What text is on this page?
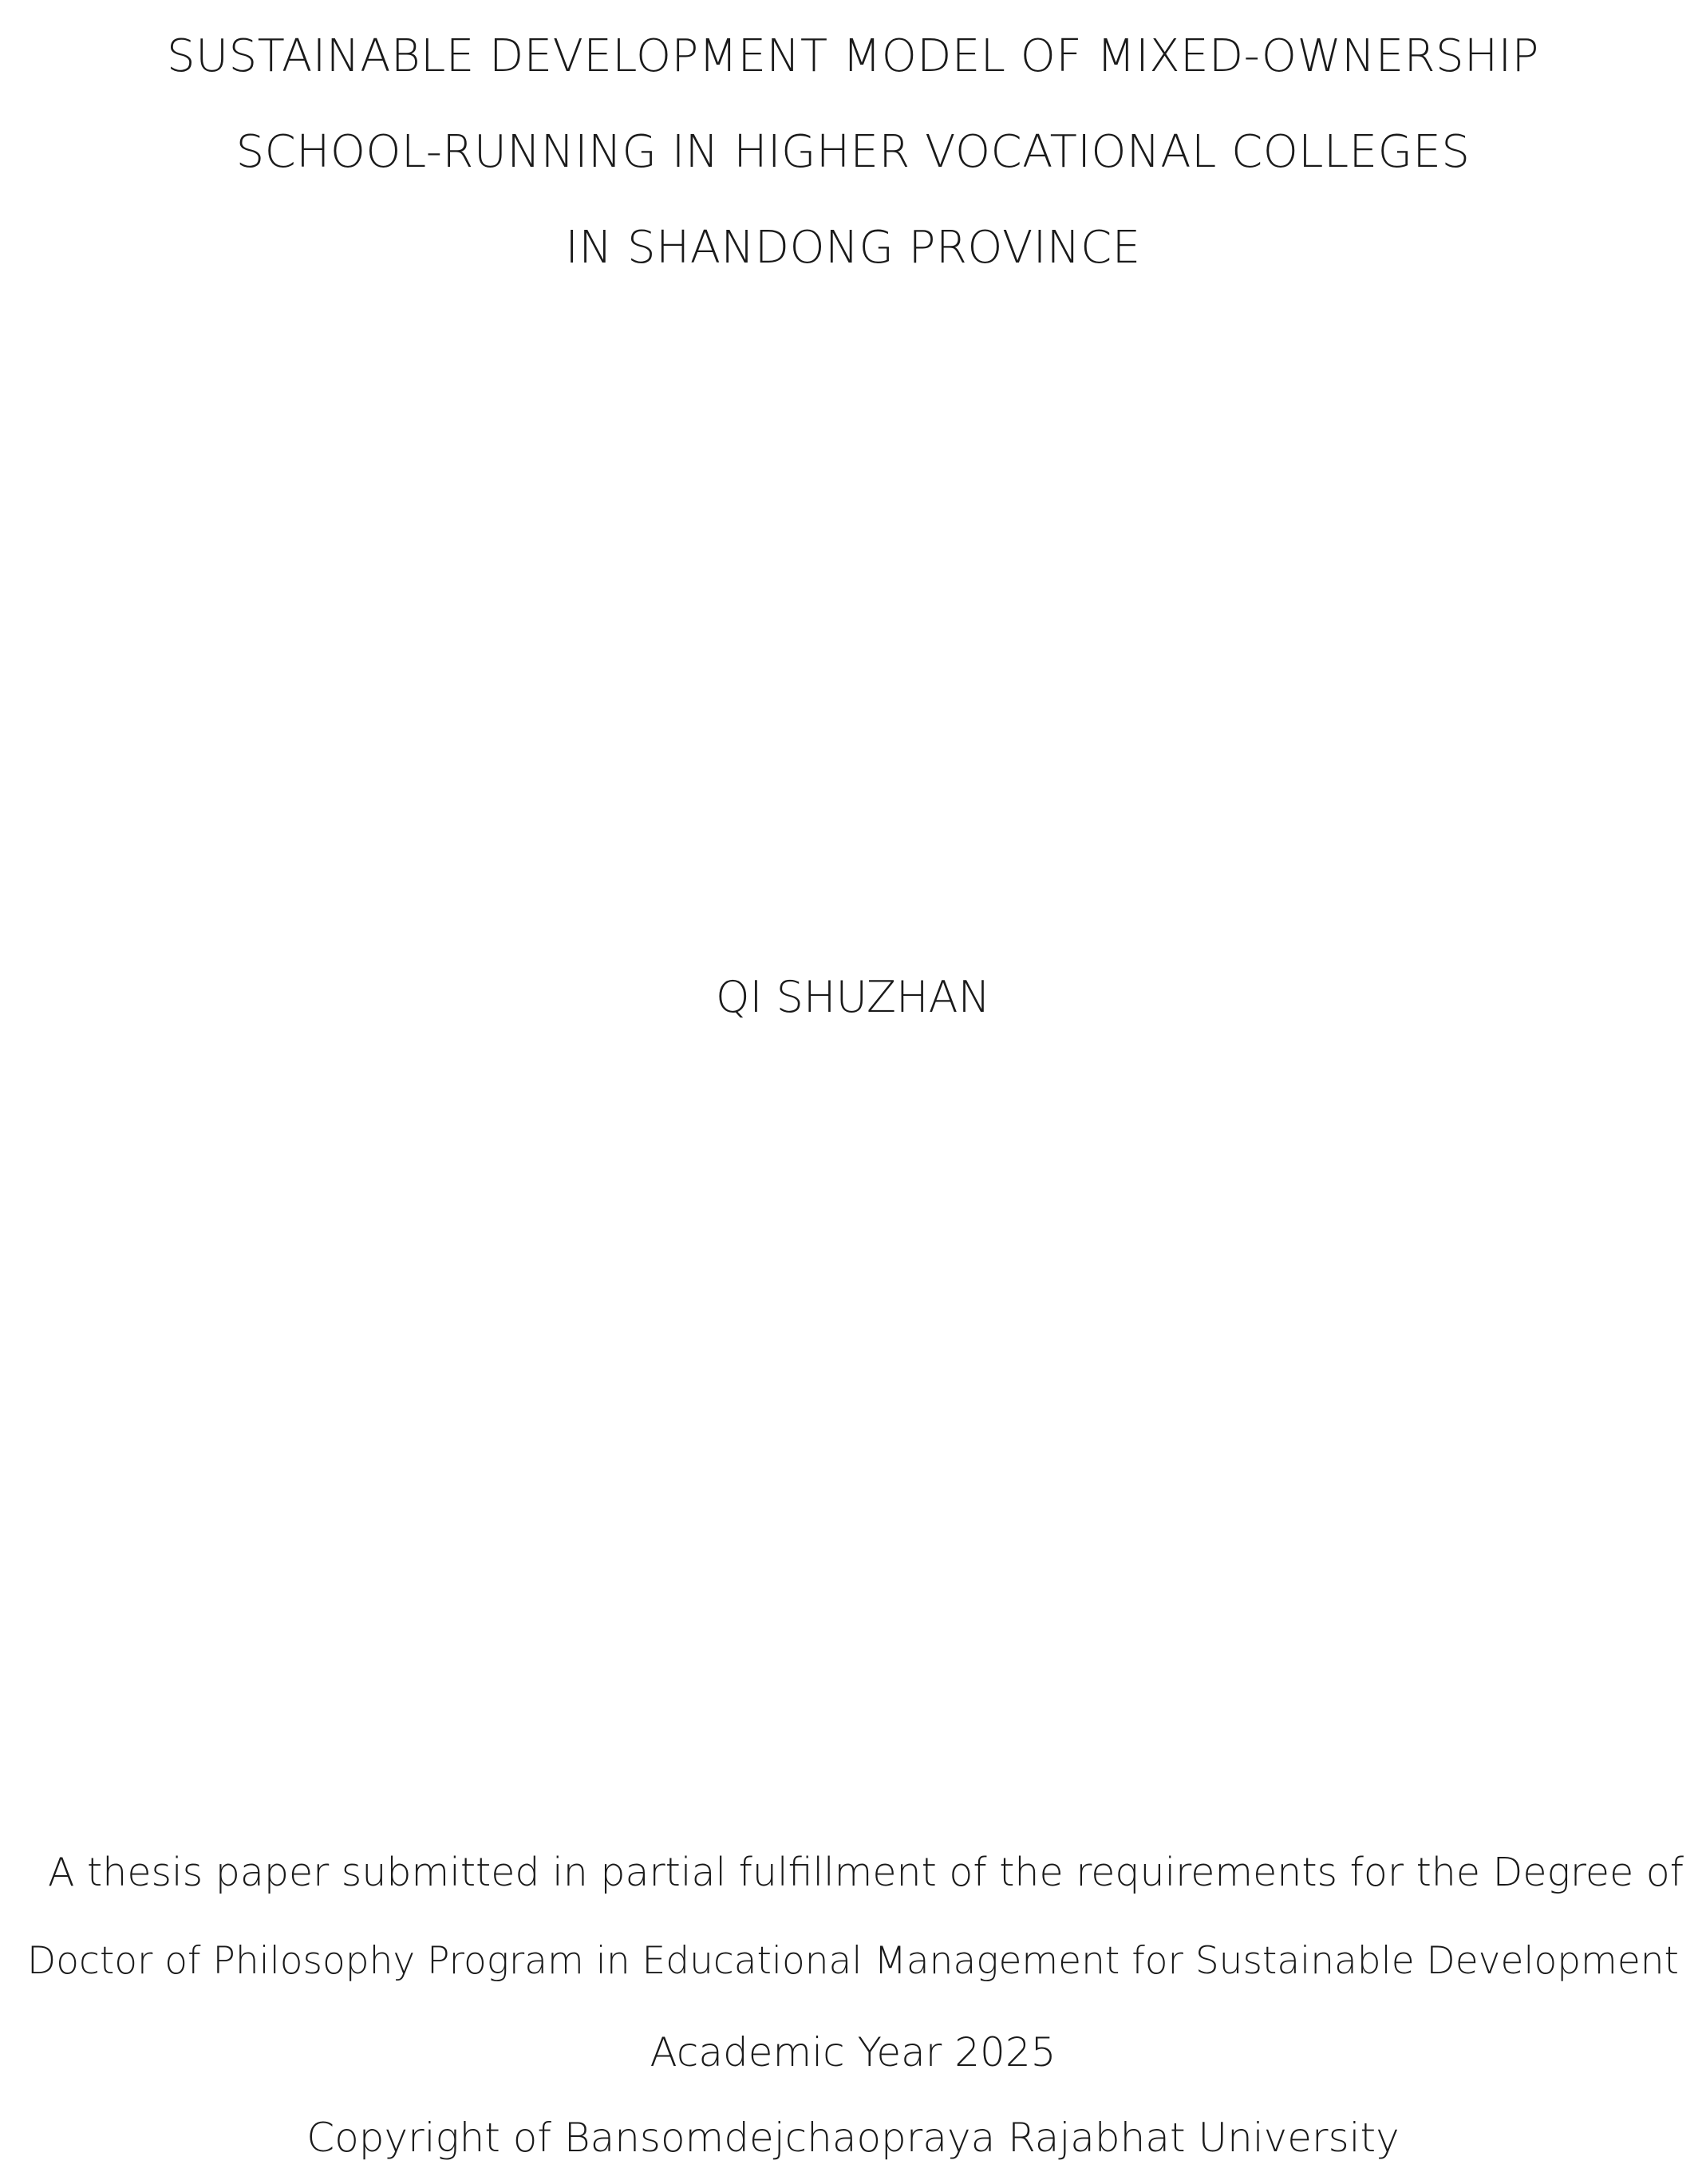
SUSTAINABLE DEVELOPMENT MODEL OF MIXED-OWNERSHIP
SCHOOL-RUNNING IN HIGHER VOCATIONAL COLLEGES
IN SHANDONG PROVINCE
QI SHUZHAN
A thesis paper submitted in partial fulfillment of the requirements for the Degree of
Doctor of Philosophy Program in Educational Management for Sustainable Development
Academic Year 2025
Copyright of Bansomdejchaopraya Rajabhat University
